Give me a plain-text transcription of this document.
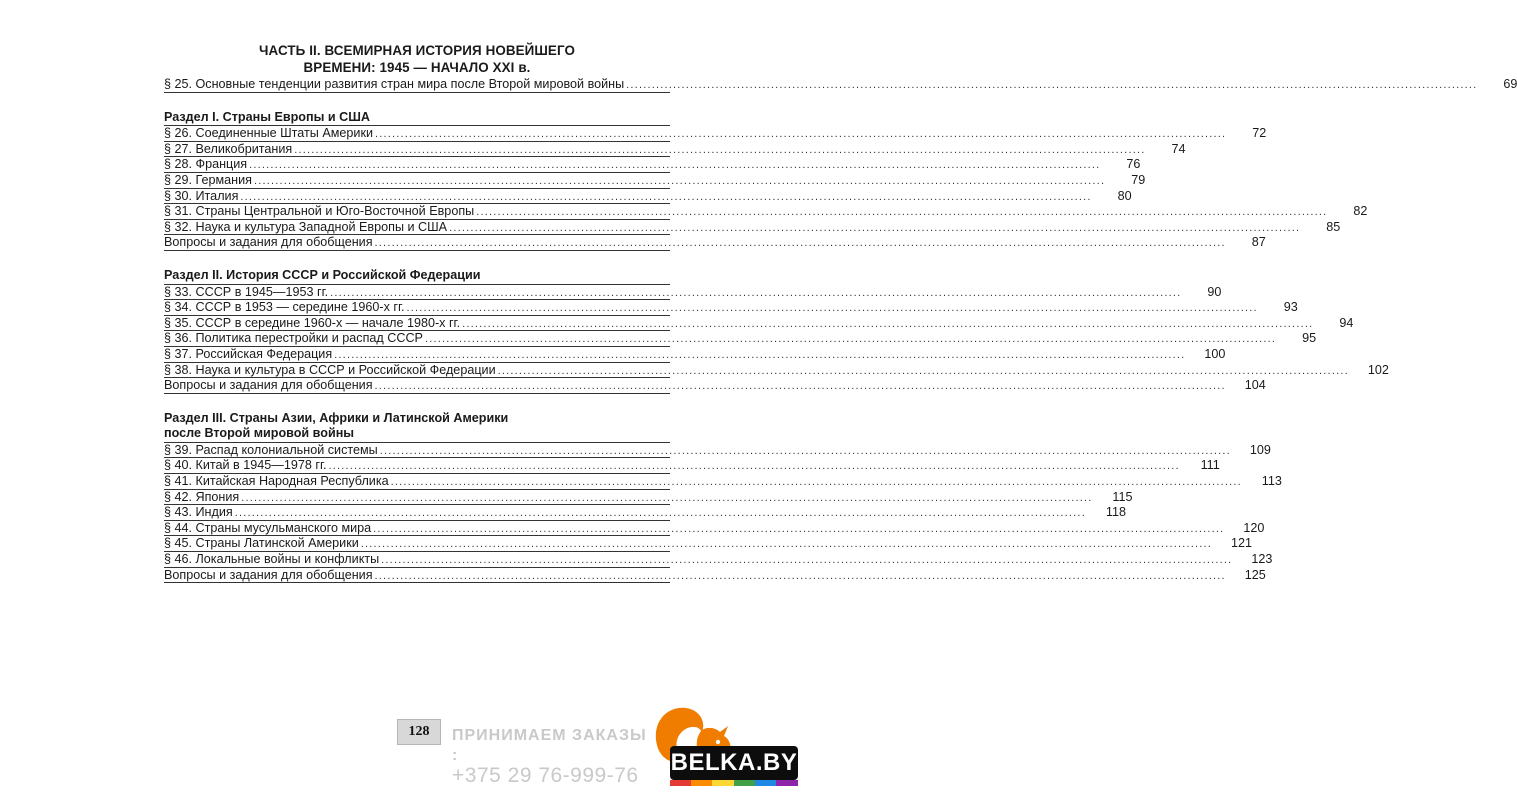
ЧАСТЬ II. ВСЕМИРНАЯ ИСТОРИЯ НОВЕЙШЕГО
ВРЕМЕНИ: 1945 — НАЧАЛО XXI в.
§ 25. Основные тенденции развития стран мира после Второй мировой войны ........................................................................................................................................................................................................	69
Раздел I. Страны Европы и США
§ 26. Соединенные Штаты Америки ........................................................................................................................................................................................................	72
§ 27. Великобритания ........................................................................................................................................................................................................	74
§ 28. Франция ........................................................................................................................................................................................................	76
§ 29. Германия ........................................................................................................................................................................................................	79
§ 30. Италия ........................................................................................................................................................................................................	80
§ 31. Страны Центральной и Юго-Восточной Европы ........................................................................................................................................................................................................	82
§ 32. Наука и культура Западной Европы и США ........................................................................................................................................................................................................	85
Вопросы и задания для обобщения ........................................................................................................................................................................................................	87
Раздел II. История СССР и Российской Федерации
§ 33. СССР в 1945—1953 гг. ........................................................................................................................................................................................................	90
§ 34. СССР в 1953 — середине 1960-х гг. ........................................................................................................................................................................................................	93
§ 35. СССР в середине 1960-х — начале 1980-х гг. ........................................................................................................................................................................................................	94
§ 36. Политика перестройки и распад СССР ........................................................................................................................................................................................................	95
§ 37. Российская Федерация ........................................................................................................................................................................................................	100
§ 38. Наука и культура в СССР и Российской Федерации ........................................................................................................................................................................................................	102
Вопросы и задания для обобщения ........................................................................................................................................................................................................	104
Раздел III. Страны Азии, Африки и Латинской Америки
после Второй мировой войны
§ 39. Распад колониальной системы ........................................................................................................................................................................................................	109
§ 40. Китай в 1945—1978 гг. ........................................................................................................................................................................................................	111
§ 41. Китайская Народная Республика ........................................................................................................................................................................................................	113
§ 42. Япония ........................................................................................................................................................................................................	115
§ 43. Индия ........................................................................................................................................................................................................	118
§ 44. Страны мусульманского мира ........................................................................................................................................................................................................	120
§ 45. Страны Латинской Америки ........................................................................................................................................................................................................	121
§ 46. Локальные войны и конфликты ........................................................................................................................................................................................................	123
Вопросы и задания для обобщения ........................................................................................................................................................................................................	125
128	ПРИНИМАЕМ ЗАКАЗЫ :
+375 29 76-999-76	BELKA.BY
